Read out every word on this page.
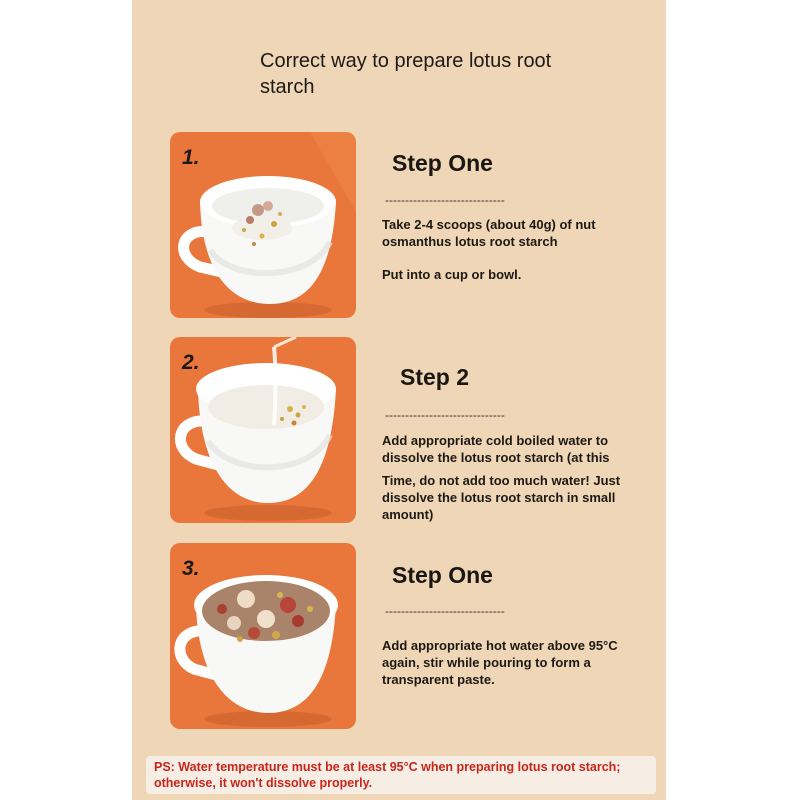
Correct way to prepare lotus root starch
1.	Step One
------------------------------
Take 2-4 scoops (about 40g) of nut osmanthus lotus root starch
Put into a cup or bowl.
2.
Step 2
------------------------------
Add appropriate cold boiled water to dissolve the lotus root starch (at this
Time, do not add too much water! Just dissolve the lotus root starch in small amount)
3.	Step One
------------------------------
Add appropriate hot water above 95°C again, stir while pouring to form a transparent paste.
PS: Water temperature must be at least 95°C when preparing lotus root starch; otherwise, it won't dissolve properly.
